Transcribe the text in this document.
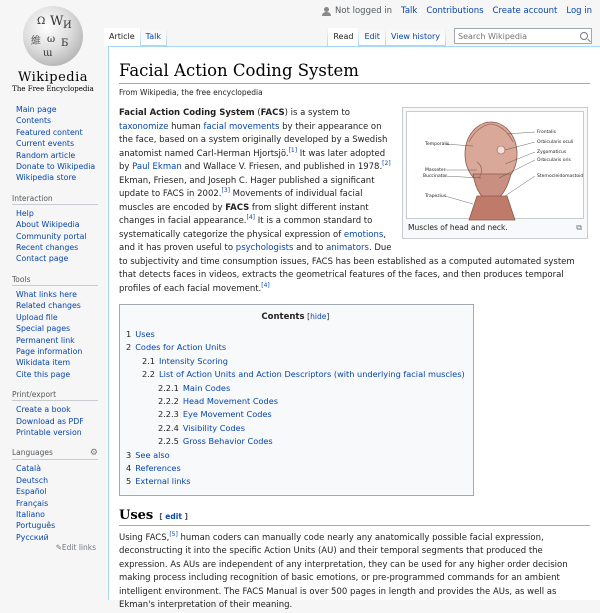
Not logged in Talk Contributions Create account Log in
Ω W И
維 ω Б
ա
Wikipedia
The Free Encyclopedia
Main page
Contents
Featured content
Current events
Random article
Donate to Wikipedia
Wikipedia store
Interaction
Help
About Wikipedia
Community portal
Recent changes
Contact page
Tools
What links here
Related changes
Upload file
Special pages
Permanent link
Page information
Wikidata item
Cite this page
Print/export
Create a book
Download as PDF
Printable version
Languages	⚙
Català
Deutsch
Español
Français
Italiano
Português
Русский
✎Edit links
Article	Talk	Read	Edit	View history
Search Wikipedia
Facial Action Coding System
From Wikipedia, the free encyclopedia
Temporalis
Masseter
Buccinator
Trapezius
Frontalis
Orbicularis oculi
Zygomaticus
Orbicularis oris
Sternocleidomastoid
Muscles of head and neck.	⧉

Facial Action Coding System (FACS) is a system to taxonomize human facial movements by their appearance on the face, based on a system originally developed by a Swedish anatomist named Carl-Herman Hjortsjö.[1] It was later adopted by Paul Ekman and Wallace V. Friesen, and published in 1978.[2] Ekman, Friesen, and Joseph C. Hager published a significant update to FACS in 2002.[3] Movements of individual facial muscles are encoded by FACS from slight different instant changes in facial appearance.[4] It is a common standard to systematically categorize the physical expression of emotions, and it has proven useful to psychologists and to animators. Due to subjectivity and time consumption issues, FACS has been established as a computed automated system that detects faces in videos, extracts the geometrical features of the faces, and then produces temporal profiles of each facial movement.[4]

Contents [hide]
1 Uses
2 Codes for Action Units
2.1 Intensity Scoring
2.2 List of Action Units and Action Descriptors (with underlying facial muscles)
2.2.1 Main Codes
2.2.2 Head Movement Codes
2.2.3 Eye Movement Codes
2.2.4 Visibility Codes
2.2.5 Gross Behavior Codes
3 See also
4 References
5 External links
Uses [ edit ]

Using FACS,[5] human coders can manually code nearly any anatomically possible facial expression, deconstructing it into the specific Action Units (AU) and their temporal segments that produced the expression. As AUs are independent of any interpretation, they can be used for any higher order decision making process including recognition of basic emotions, or pre-programmed commands for an ambient intelligent environment. The FACS Manual is over 500 pages in length and provides the AUs, as well as Ekman's interpretation of their meaning.
